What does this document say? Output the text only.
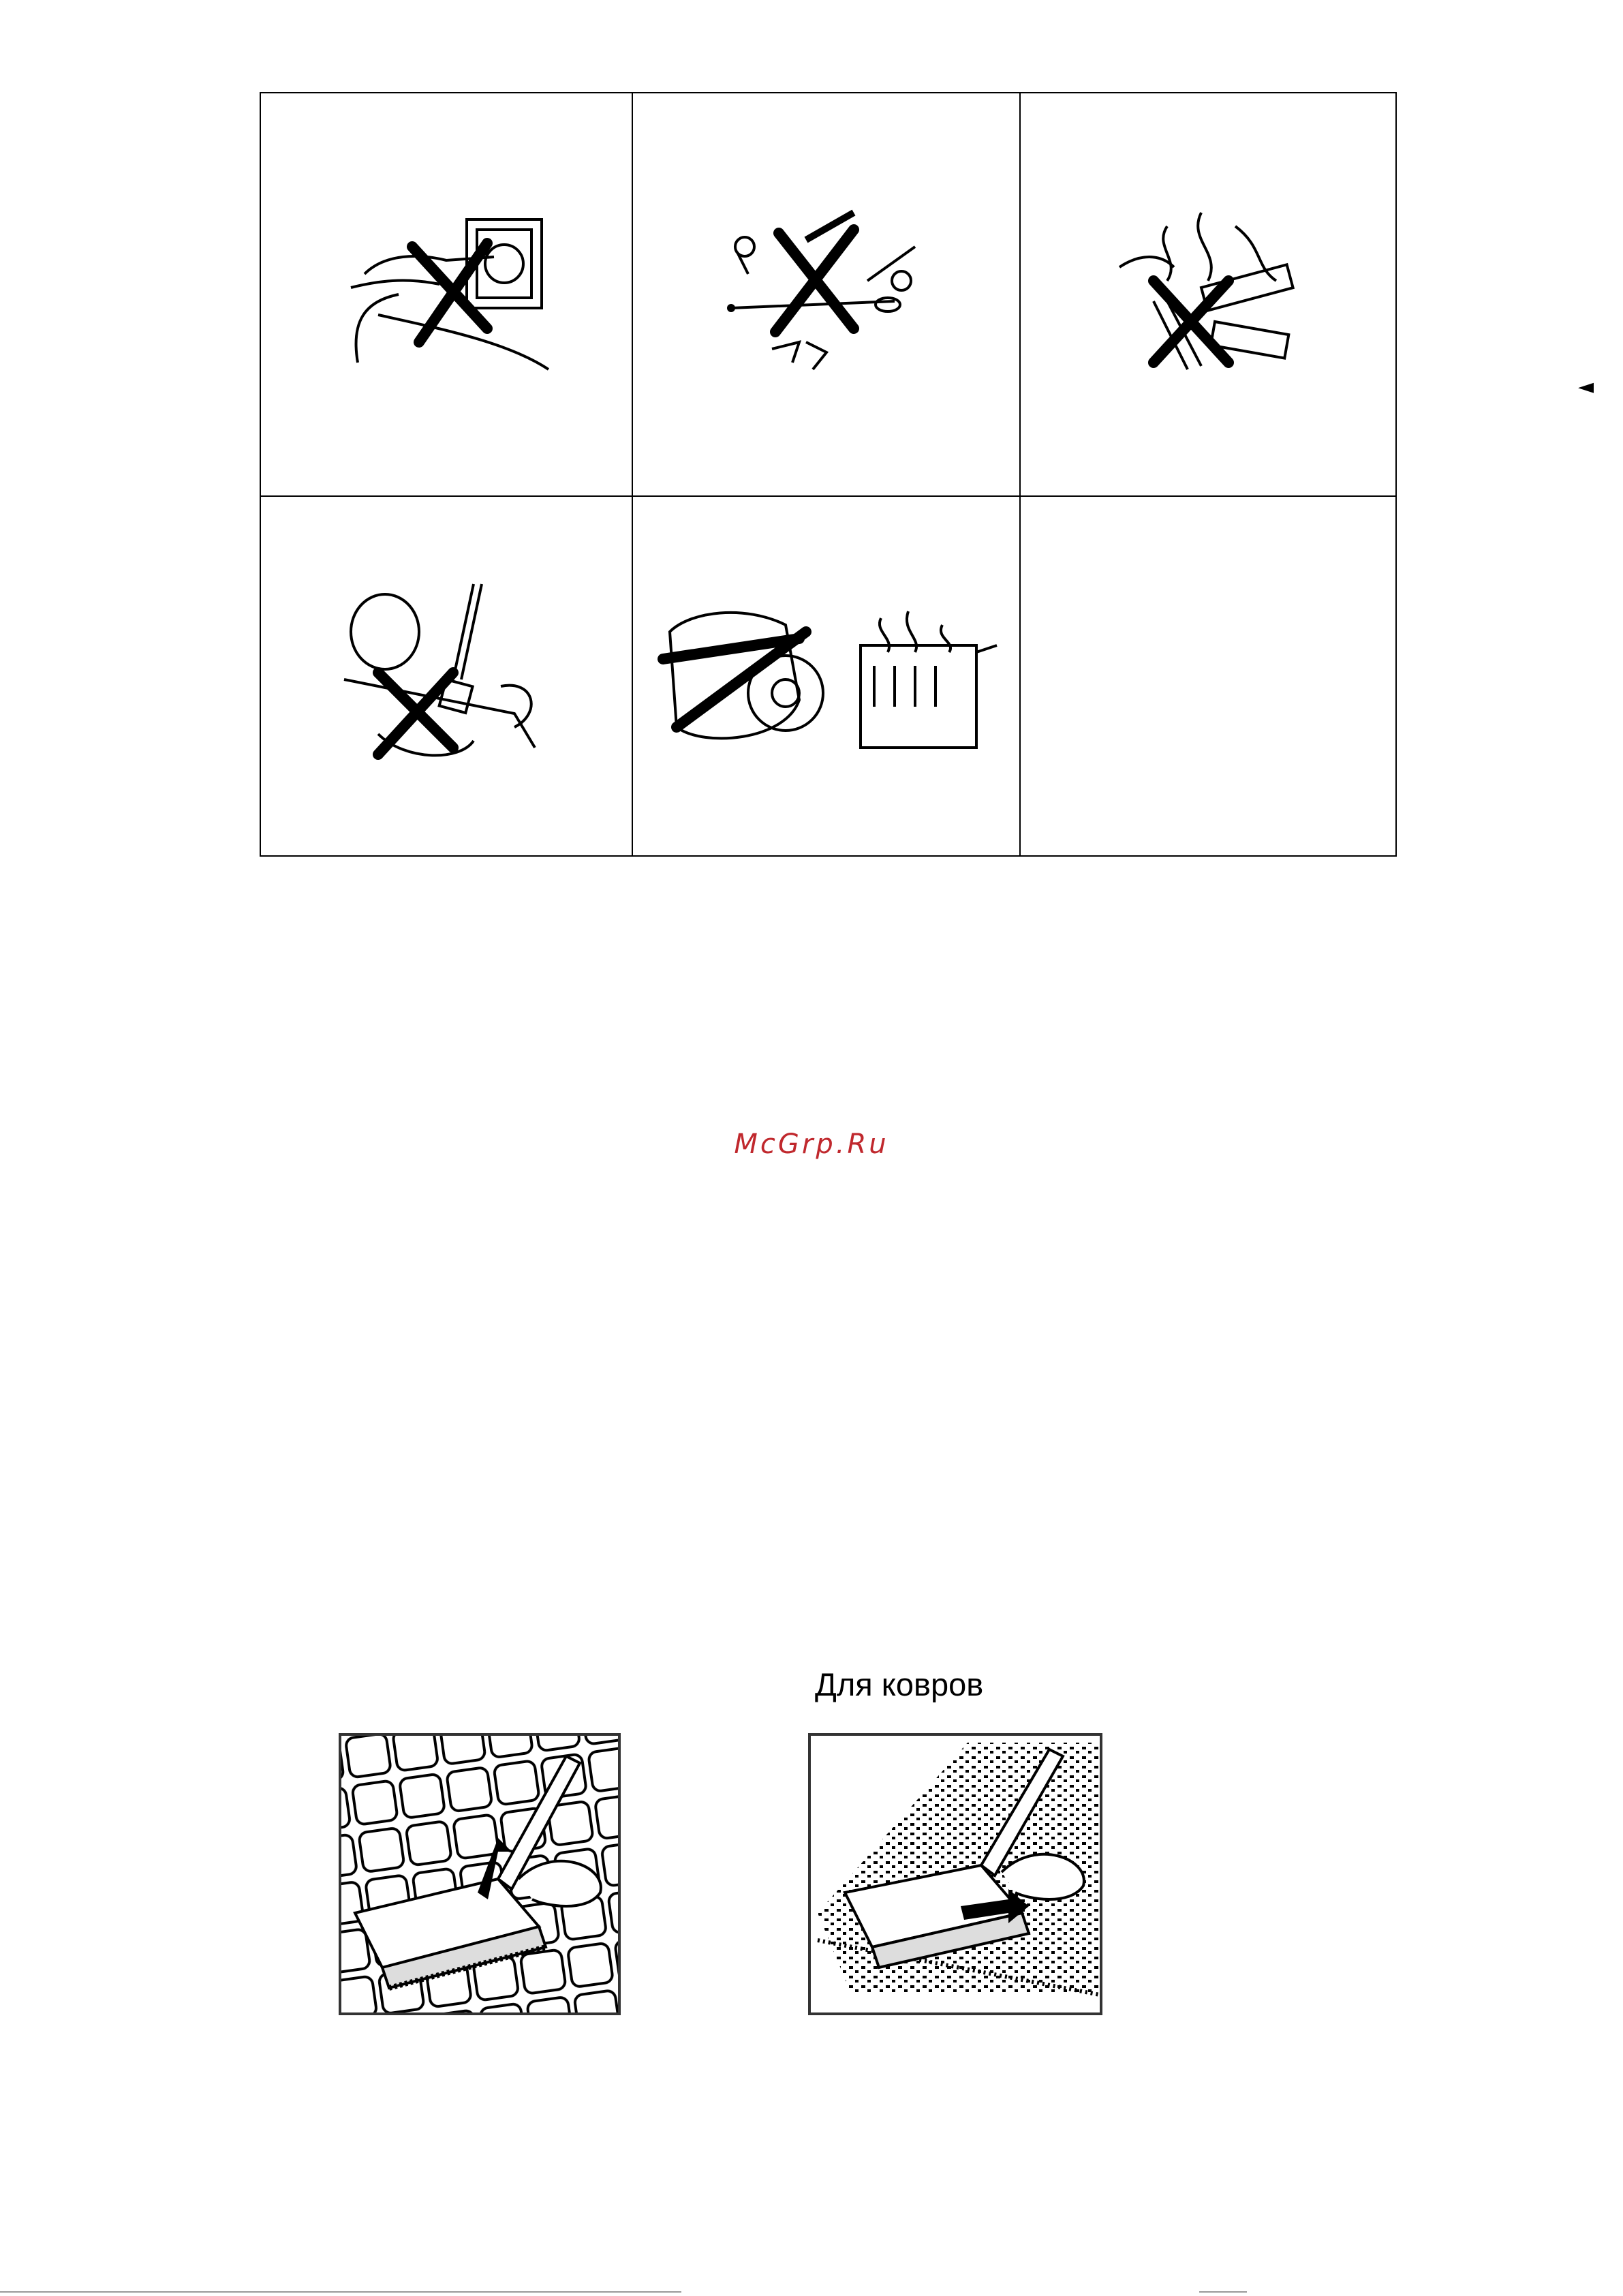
◄
McGrp.Ru
Для ковров
